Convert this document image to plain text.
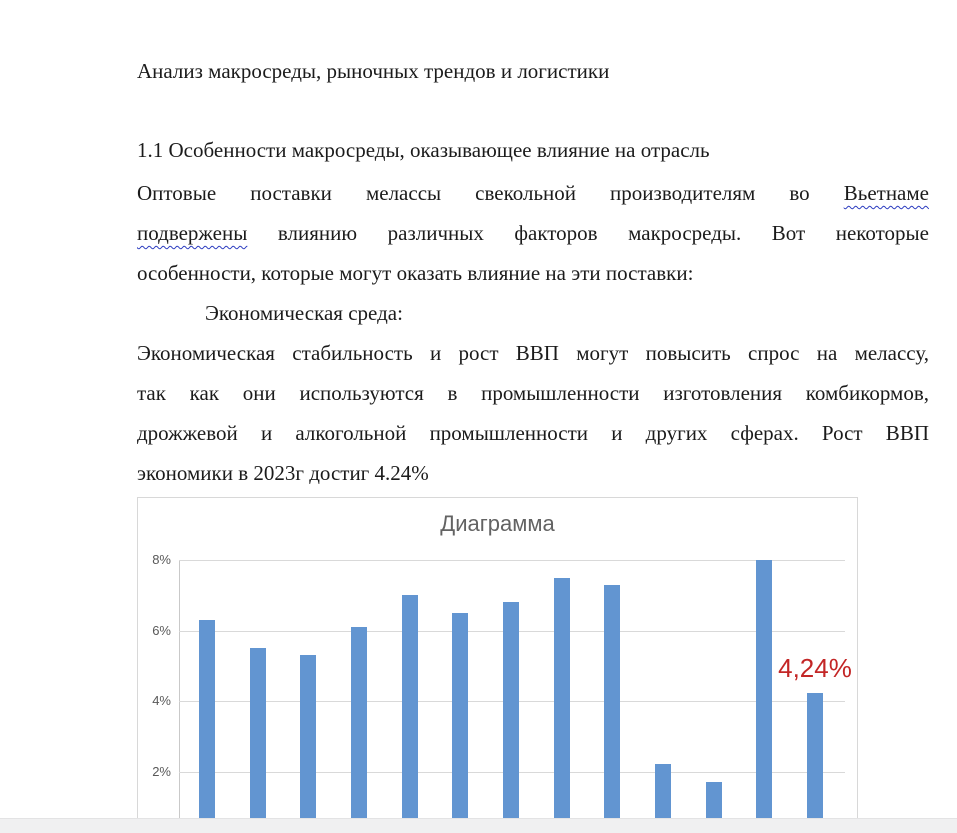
Анализ макросреды, рыночных трендов и логистики
1.1 Особенности макросреды, оказывающее влияние на отрасль
Оптовые поставки мелассы свекольной производителям во Вьетнаме
подвержены влиянию различных факторов макросреды. Вот некоторые
особенности, которые могут оказать влияние на эти поставки:
Экономическая среда:
Экономическая стабильность и рост ВВП могут повысить спрос на мелассу,
так как они используются в промышленности изготовления комбикормов,
дрожжевой и алкогольной промышленности и других сферах. Рост ВВП
экономики в 2023г достиг 4.24%
Диаграмма
2%
4%
6%
8%
4,24%
